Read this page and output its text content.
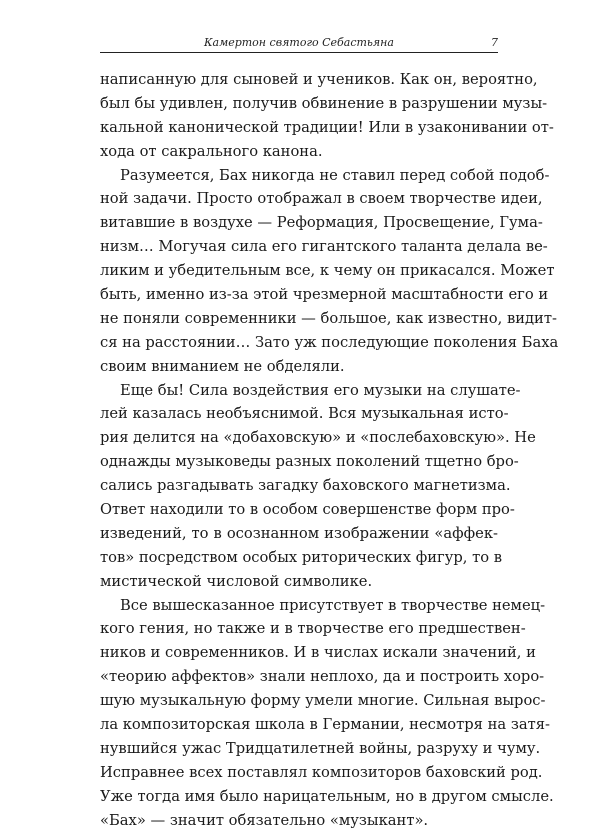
Камертон святого Себастьяна	7
написанную для сыновей и учеников. Как он, вероятно,
был бы удивлен, получив обвинение в разрушении музы-
кальной канонической традиции! Или в узаконивании от-
хода от сакрального канона.
Разумеется, Бах никогда не ставил перед собой подоб-
ной задачи. Просто отображал в своем творчестве идеи,
витавшие в воздухе — Реформация, Просвещение, Гума-
низм… Могучая сила его гигантского таланта делала ве-
ликим и убедительным все, к чему он прикасался. Может
быть, именно из-за этой чрезмерной масштабности его и
не поняли современники — большое, как известно, видит-
ся на расстоянии… Зато уж последующие поколения Баха
своим вниманием не обделяли.
Еще бы! Сила воздействия его музыки на слушате-
лей казалась необъяснимой. Вся музыкальная исто-
рия делится на «добаховскую» и «послебаховскую». Не
однажды музыковеды разных поколений тщетно бро-
сались разгадывать загадку баховского магнетизма.
Ответ находили то в особом совершенстве форм про-
изведений, то в осознанном изображении «аффек-
тов» посредством особых риторических фигур, то в
мистической числовой символике.
Все вышесказанное присутствует в творчестве немец-
кого гения, но также и в творчестве его предшествен-
ников и современников. И в числах искали значений, и
«теорию аффектов» знали неплохо, да и построить хоро-
шую музыкальную форму умели многие. Сильная вырос-
ла композиторская школа в Германии, несмотря на затя-
нувшийся ужас Тридцатилетней войны, разруху и чуму.
Исправнее всех поставлял композиторов баховский род.
Уже тогда имя было нарицательным, но в другом смысле.
«Бах» — значит обязательно «музыкант».
